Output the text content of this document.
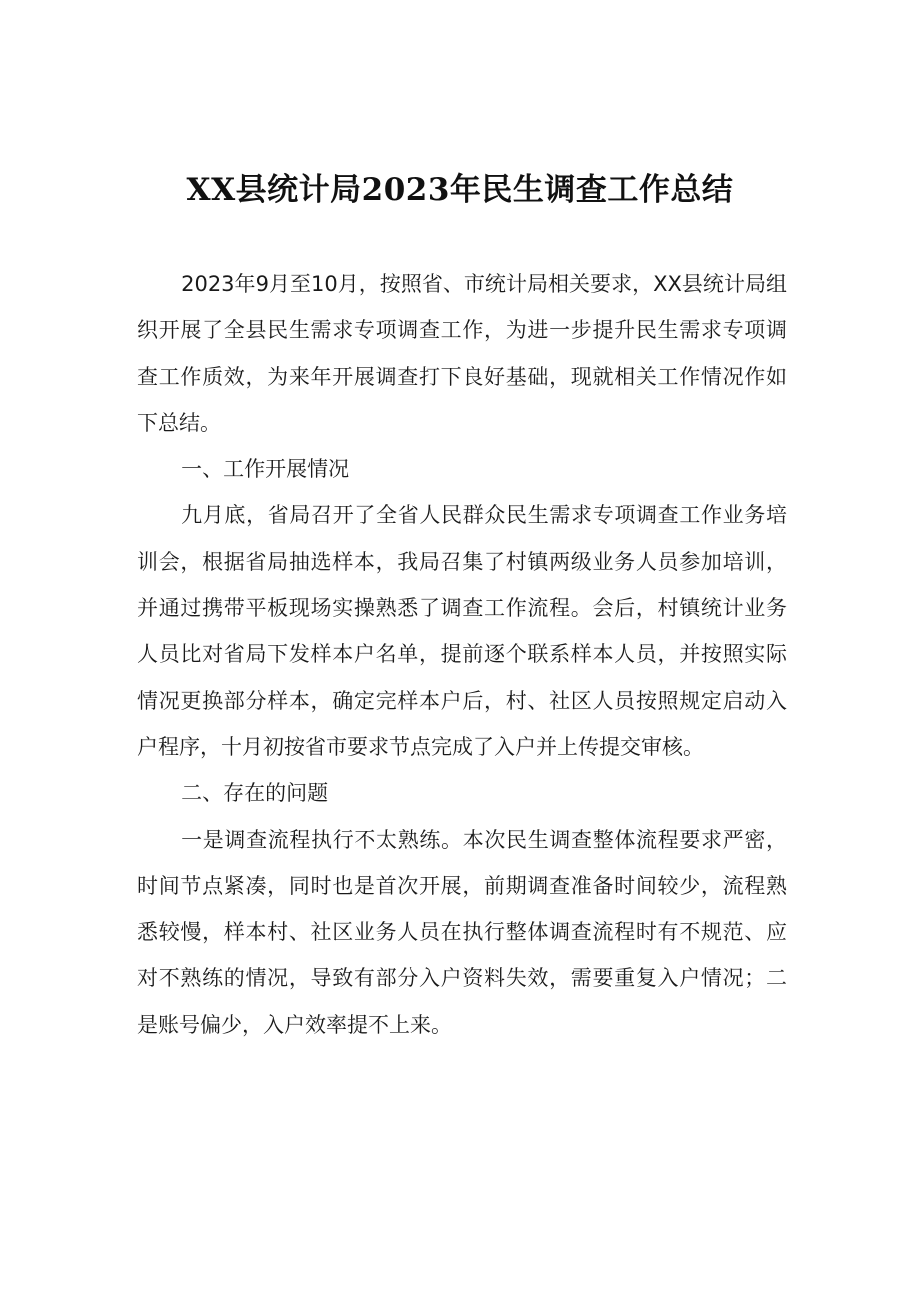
XX县统计局2023年民生调查工作总结

2023年9月至10月，按照省、市统计局相关要求，XX县统计局组织开展了全县民生需求专项调查工作，为进一步提升民生需求专项调查工作质效，为来年开展调查打下良好基础，现就相关工作情况作如下总结。

一、工作开展情况

九月底，省局召开了全省人民群众民生需求专项调查工作业务培训会，根据省局抽选样本，我局召集了村镇两级业务人员参加培训，并通过携带平板现场实操熟悉了调查工作流程。会后，村镇统计业务人员比对省局下发样本户名单，提前逐个联系样本人员，并按照实际情况更换部分样本，确定完样本户后，村、社区人员按照规定启动入户程序，十月初按省市要求节点完成了入户并上传提交审核。

二、存在的问题

一是调查流程执行不太熟练。本次民生调查整体流程要求严密，时间节点紧凑，同时也是首次开展，前期调查准备时间较少，流程熟悉较慢，样本村、社区业务人员在执行整体调查流程时有不规范、应对不熟练的情况，导致有部分入户资料失效，需要重复入户情况；二是账号偏少，入户效率提不上来。
